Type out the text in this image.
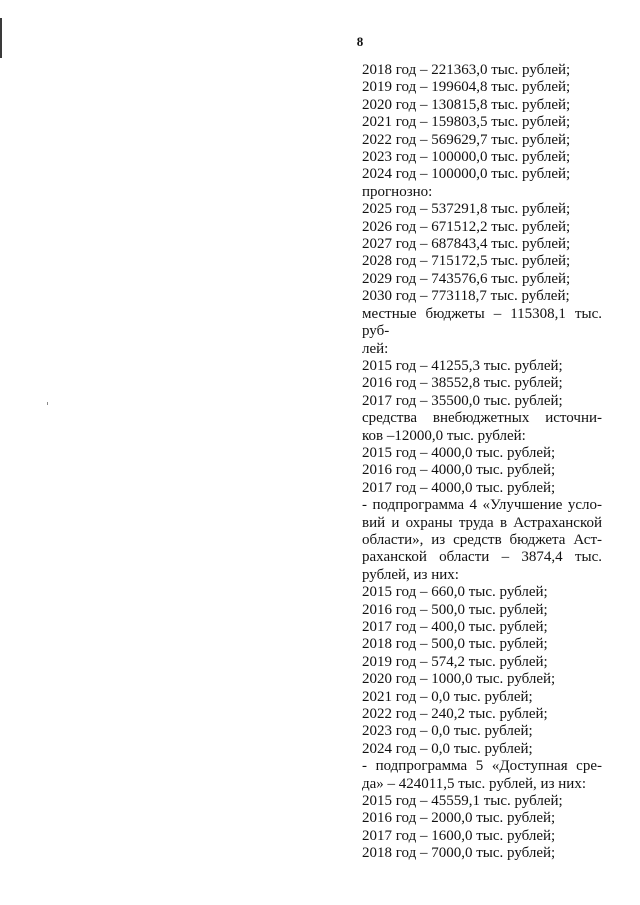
8
2018 год – 221363,0 тыс. рублей;
2019 год – 199604,8 тыс. рублей;
2020 год – 130815,8 тыс. рублей;
2021 год – 159803,5 тыс. рублей;
2022 год – 569629,7 тыс. рублей;
2023 год – 100000,0 тыс. рублей;
2024 год – 100000,0 тыс. рублей;
прогнозно:
2025 год – 537291,8 тыс. рублей;
2026 год – 671512,2 тыс. рублей;
2027 год – 687843,4 тыс. рублей;
2028 год – 715172,5 тыс. рублей;
2029 год – 743576,6 тыс. рублей;
2030 год – 773118,7 тыс. рублей;
местные бюджеты – 115308,1 тыс. руб-
лей:
2015 год – 41255,3 тыс. рублей;
2016 год – 38552,8 тыс. рублей;
2017 год – 35500,0 тыс. рублей;
средства внебюджетных источни-
ков –12000,0 тыс. рублей:
2015 год – 4000,0 тыс. рублей;
2016 год – 4000,0 тыс. рублей;
2017 год – 4000,0 тыс. рублей;
- подпрограмма 4 «Улучшение усло-
вий и охраны труда в Астраханской
области», из средств бюджета Аст-
раханской области – 3874,4 тыс.
рублей, из них:
2015 год – 660,0 тыс. рублей;
2016 год – 500,0 тыс. рублей;
2017 год – 400,0 тыс. рублей;
2018 год – 500,0 тыс. рублей;
2019 год – 574,2 тыс. рублей;
2020 год – 1000,0 тыс. рублей;
2021 год – 0,0 тыс. рублей;
2022 год – 240,2 тыс. рублей;
2023 год – 0,0 тыс. рублей;
2024 год – 0,0 тыс. рублей;
- подпрограмма 5 «Доступная сре-
да» – 424011,5 тыс. рублей, из них:
2015 год – 45559,1 тыс. рублей;
2016 год – 2000,0 тыс. рублей;
2017 год – 1600,0 тыс. рублей;
2018 год – 7000,0 тыс. рублей;
